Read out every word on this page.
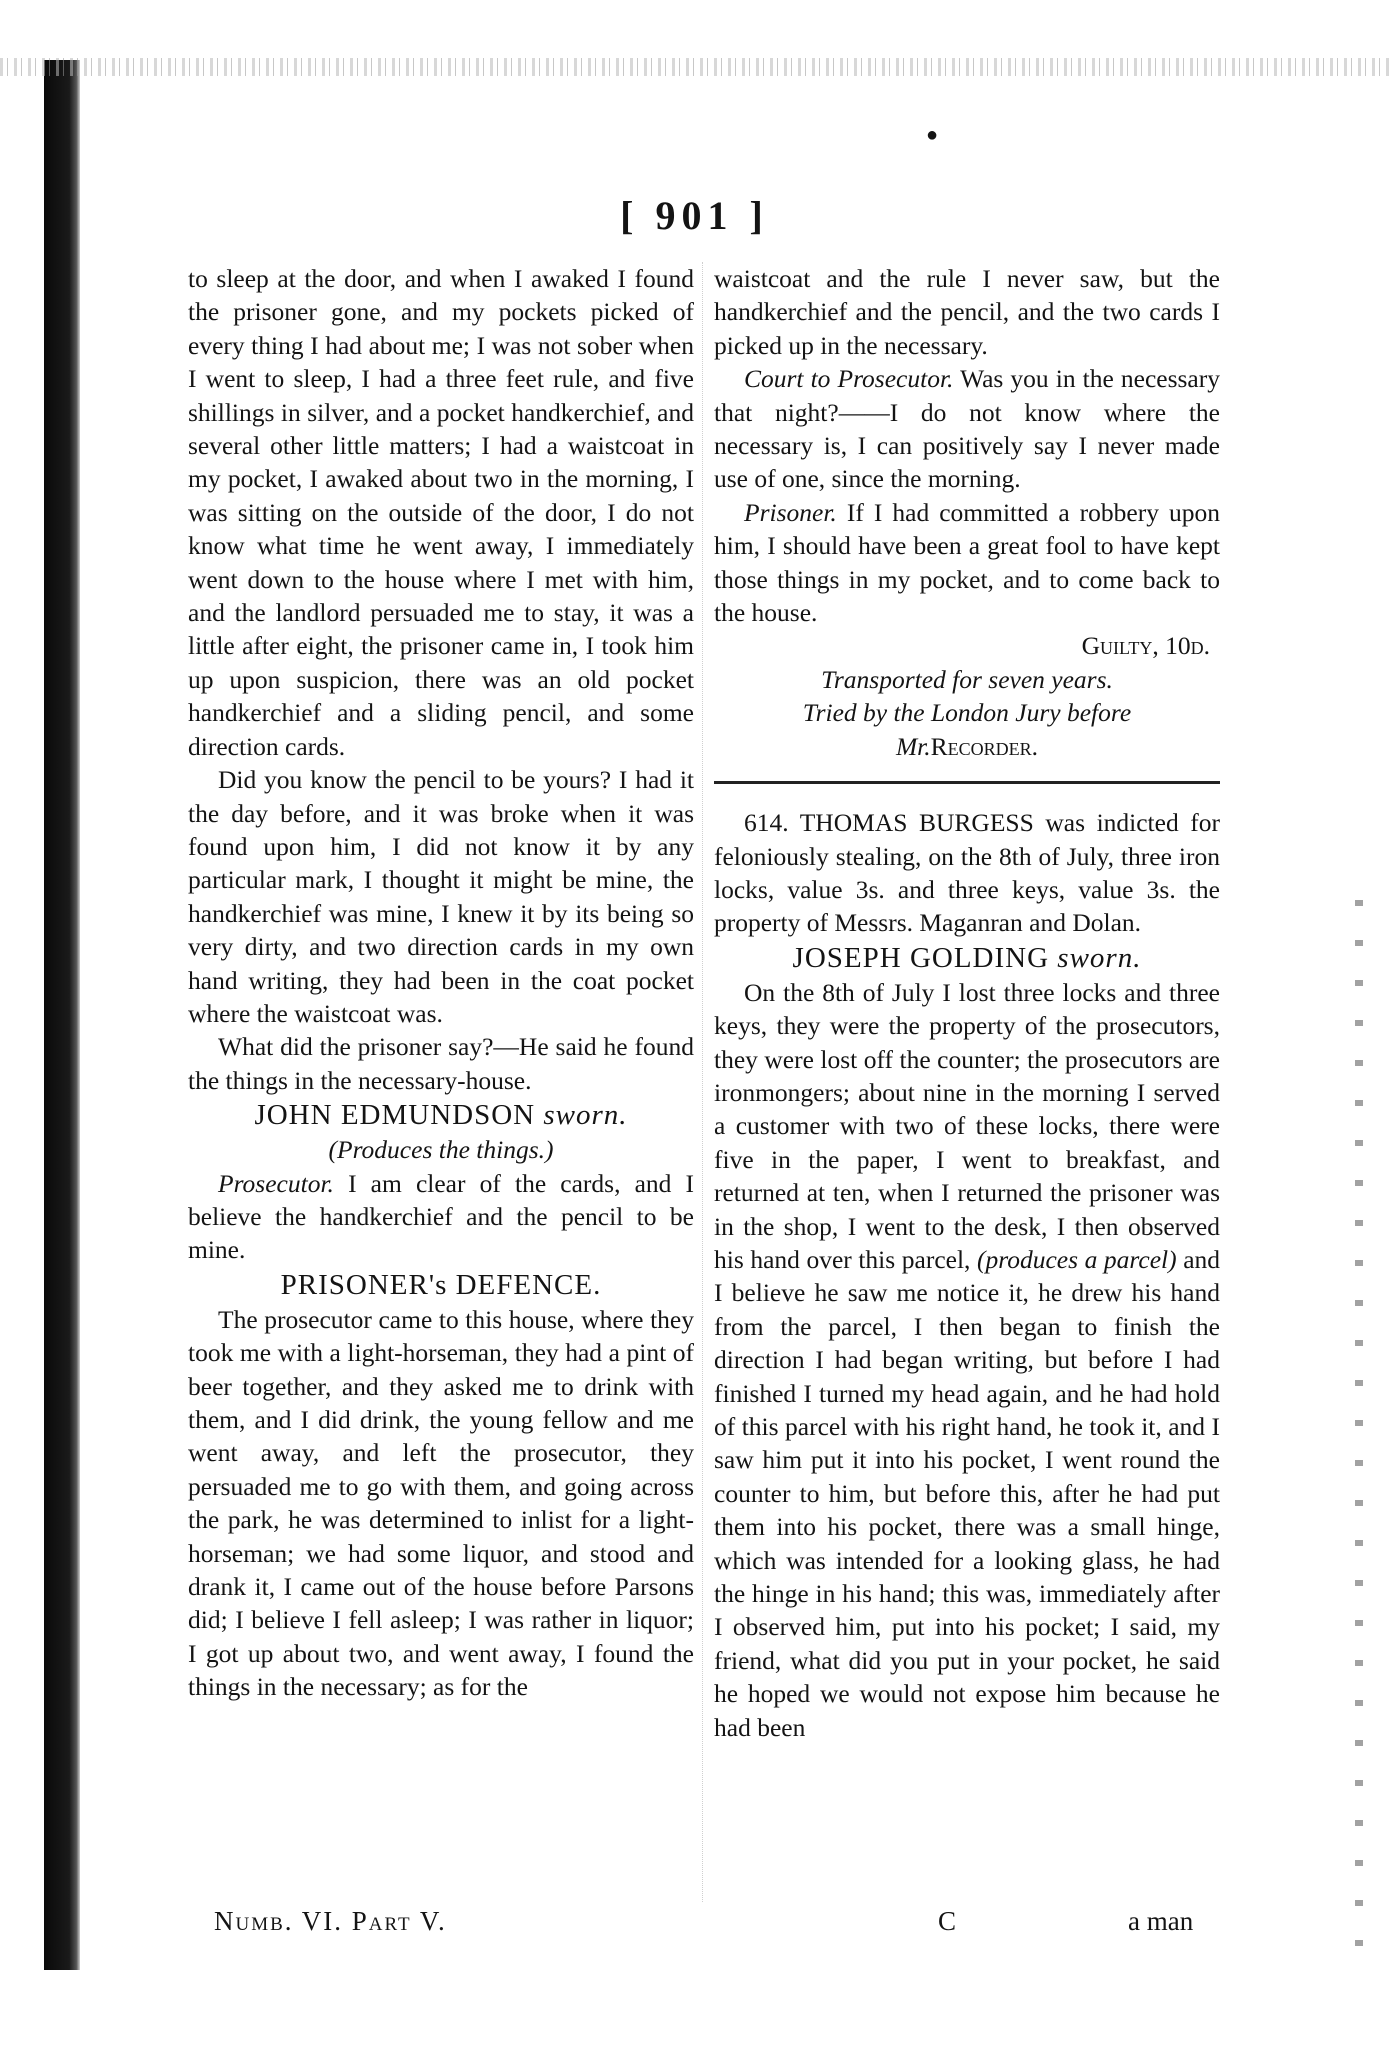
●
[ 901 ]

to sleep at the door, and when I awaked I found the prisoner gone, and my pockets picked of every thing I had about me; I was not sober when I went to sleep, I had a three feet rule, and five shillings in silver, and a pocket handkerchief, and several other little matters; I had a waistcoat in my pocket, I awaked about two in the morning, I was sitting on the outside of the door, I do not know what time he went away, I immediately went down to the house where I met with him, and the landlord persuaded me to stay, it was a little after eight, the prisoner came in, I took him up upon suspicion, there was an old pocket handkerchief and a sliding pencil, and some direction cards.

Did you know the pencil to be yours? I had it the day before, and it was broke when it was found upon him, I did not know it by any particular mark, I thought it might be mine, the handkerchief was mine, I knew it by its being so very dirty, and two direction cards in my own hand writing, they had been in the coat pocket where the waistcoat was.

What did the prisoner say?—He said he found the things in the necessary-house.

JOHN EDMUNDSON sworn.

(Produces the things.)

Prosecutor. I am clear of the cards, and I believe the handkerchief and the pencil to be mine.

PRISONER's DEFENCE.

The prosecutor came to this house, where they took me with a light-horseman, they had a pint of beer together, and they asked me to drink with them, and I did drink, the young fellow and me went away, and left the prosecutor, they persuaded me to go with them, and going across the park, he was determined to inlist for a light-horseman; we had some liquor, and stood and drank it, I came out of the house before Parsons did; I believe I fell asleep; I was rather in liquor; I got up about two, and went away, I found the things in the necessary; as for the

waistcoat and the rule I never saw, but the handkerchief and the pencil, and the two cards I picked up in the necessary.

Court to Prosecutor. Was you in the necessary that night?——I do not know where the necessary is, I can positively say I never made use of one, since the morning.

Prisoner. If I had committed a robbery upon him, I should have been a great fool to have kept those things in my pocket, and to come back to the house.

Guilty, 10d.

Transported for seven years.

Tried by the London Jury before

Mr.Recorder.

614. THOMAS BURGESS was indicted for feloniously stealing, on the 8th of July, three iron locks, value 3s. and three keys, value 3s. the property of Messrs. Maganran and Dolan.

JOSEPH GOLDING sworn.

On the 8th of July I lost three locks and three keys, they were the property of the prosecutors, they were lost off the counter; the prosecutors are ironmongers; about nine in the morning I served a customer with two of these locks, there were five in the paper, I went to breakfast, and returned at ten, when I returned the prisoner was in the shop, I went to the desk, I then observed his hand over this parcel, (produces a parcel) and I believe he saw me notice it, he drew his hand from the parcel, I then began to finish the direction I had began writing, but before I had finished I turned my head again, and he had hold of this parcel with his right hand, he took it, and I saw him put it into his pocket, I went round the counter to him, but before this, after he had put them into his pocket, there was a small hinge, which was intended for a looking glass, he had the hinge in his hand; this was, immediately after I observed him, put into his pocket; I said, my friend, what did you put in your pocket, he said he hoped we would not expose him because he had been

Numb. VI. Part V.	C	a man
